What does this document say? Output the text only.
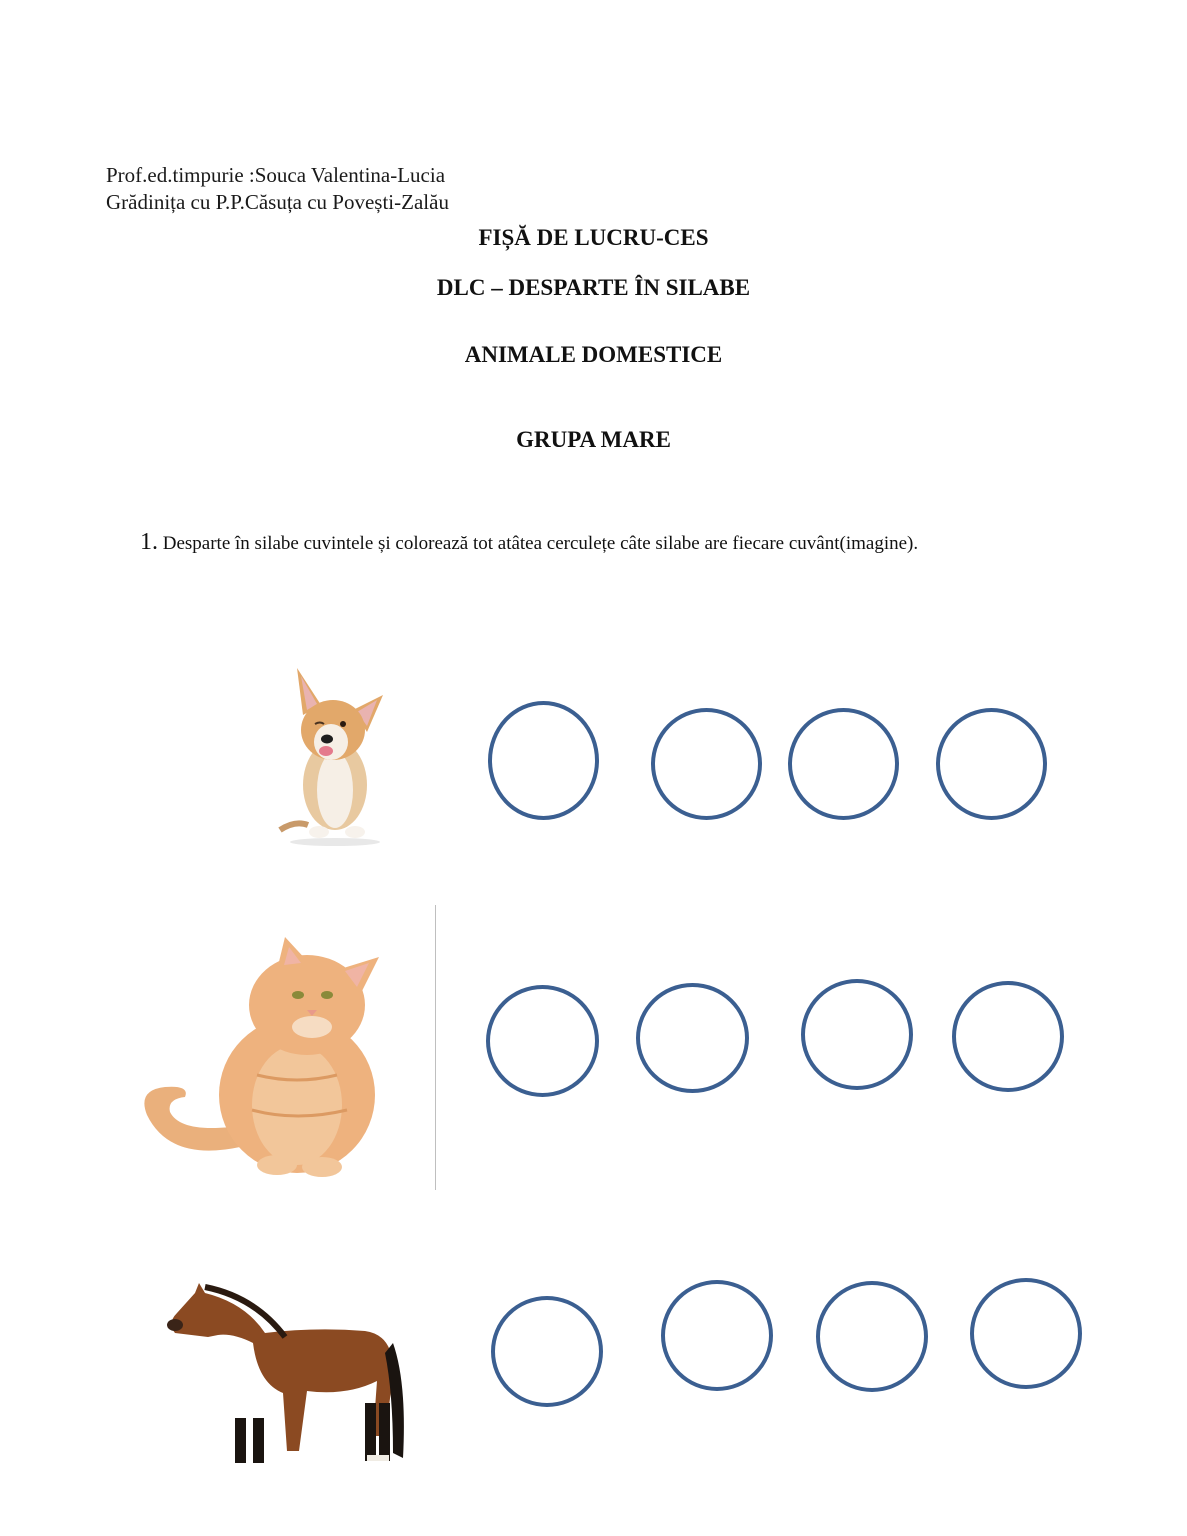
Prof.ed.timpurie :Souca Valentina-Lucia
Grădinița cu P.P.Căsuța cu Povești-Zalău
FIȘĂ DE LUCRU-CES
DLC – DESPARTE ÎN SILABE
ANIMALE DOMESTICE
GRUPA MARE
1. Desparte în silabe cuvintele și colorează tot atâtea cerculețe câte silabe are fiecare cuvânt(imagine).
